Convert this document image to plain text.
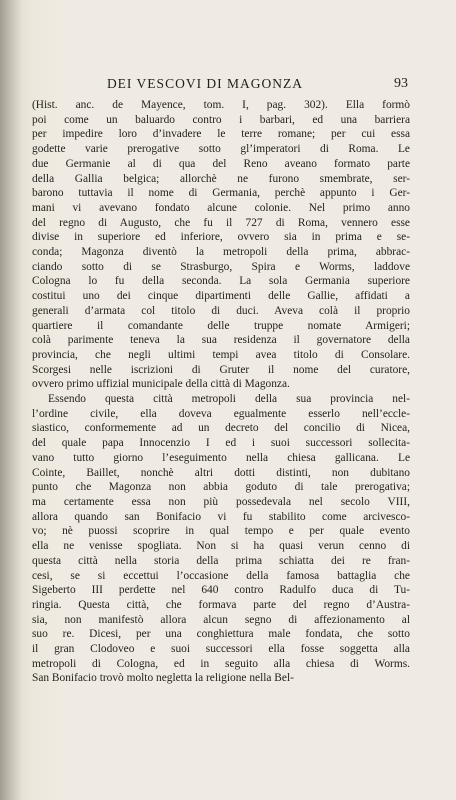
DEI VESCOVI DI MAGONZA	93
(Hist. anc. de Mayence, tom. I, pag. 302). Ella formò
poi come un baluardo contro i barbari, ed una barriera
per impedire loro d’invadere le terre romane; per cui essa
godette varie prerogative sotto gl’imperatori di Roma. Le
due Germanie al di qua del Reno aveano formato parte
della Gallia belgica; allorchè ne furono smembrate, ser-
barono tuttavia il nome di Germania, perchè appunto i Ger-
mani vi avevano fondato alcune colonie. Nel primo anno
del regno di Augusto, che fu il 727 di Roma, vennero esse
divise in superiore ed inferiore, ovvero sia in prima e se-
conda; Magonza diventò la metropoli della prima, abbrac-
ciando sotto di se Strasburgo, Spira e Worms, laddove
Cologna lo fu della seconda. La sola Germania superiore
costitui uno dei cinque dipartimenti delle Gallie, affidati a
generali d’armata col titolo di duci. Aveva colà il proprio
quartiere il comandante delle truppe nomate Armigeri;
colà parimente teneva la sua residenza il governatore della
provincia, che negli ultimi tempi avea titolo di Consolare.
Scorgesi nelle iscrizioni di Gruter il nome del curatore,
ovvero primo uffizial municipale della città di Magonza.
Essendo questa città metropoli della sua provincia nel-
l’ordine civile, ella doveva egualmente esserlo nell’eccle-
siastico, conformemente ad un decreto del concilio di Nicea,
del quale papa Innocenzio I ed i suoi successori sollecita-
vano tutto giorno l’eseguimento nella chiesa gallicana. Le
Cointe, Baillet, nonchè altri dotti distinti, non dubitano
punto che Magonza non abbia goduto di tale prerogativa;
ma certamente essa non più possedevala nel secolo VIII,
allora quando san Bonifacio vi fu stabilito come arcivesco-
vo; nè puossi scoprire in qual tempo e per quale evento
ella ne venisse spogliata. Non si ha quasi verun cenno di
questa città nella storia della prima schiatta dei re fran-
cesi, se si eccettui l’occasione della famosa battaglia che
Sigeberto III perdette nel 640 contro Radulfo duca di Tu-
ringia. Questa città, che formava parte del regno d’Austra-
sia, non manifestò allora alcun segno di affezionamento al
suo re. Dicesi, per una conghiettura male fondata, che sotto
il gran Clodoveo e suoi successori ella fosse soggetta alla
metropoli di Cologna, ed in seguito alla chiesa di Worms.
San Bonifacio trovò molto negletta la religione nella Bel-
